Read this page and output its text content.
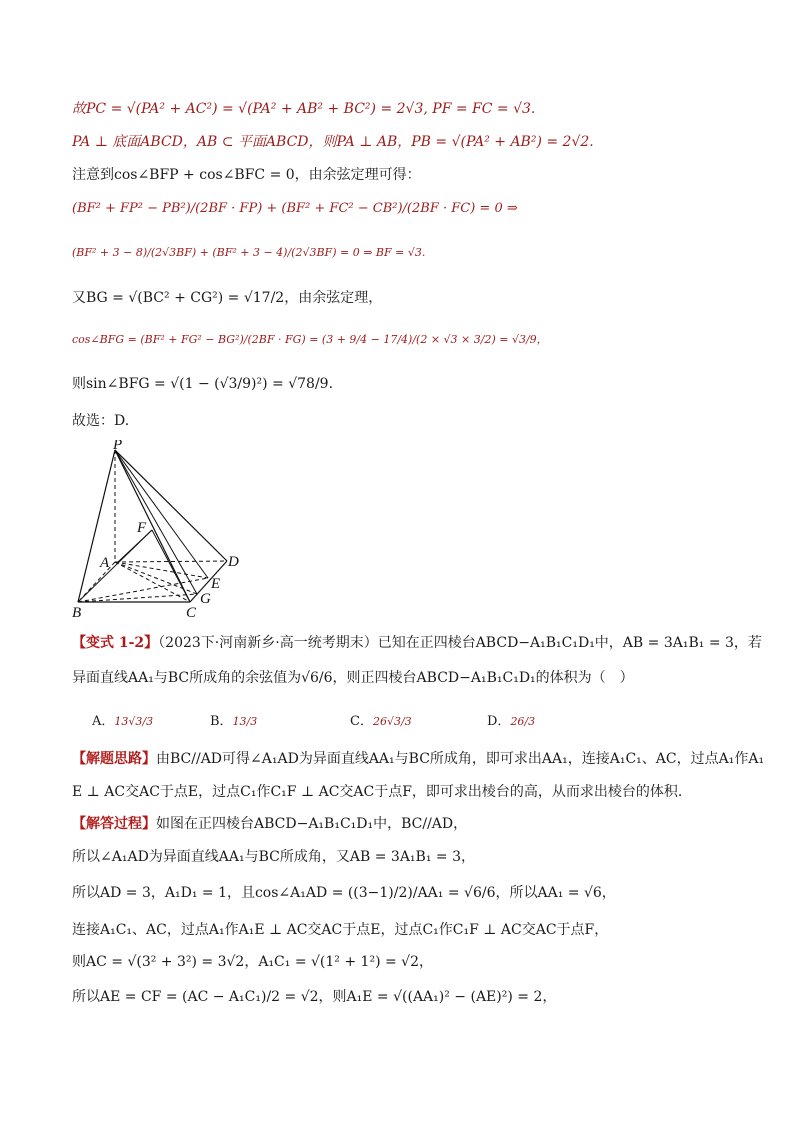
故PC = √(PA² + AC²) = √(PA² + AB² + BC²) = 2√3, PF = FC = √3.
PA ⊥ 底面ABCD，AB ⊂ 平面ABCD，则PA ⊥ AB，PB = √(PA² + AB²) = 2√2.
注意到cos∠BFP + cos∠BFC = 0，由余弦定理可得：
(BF² + FP² − PB²)/(2BF · FP) + (BF² + FC² − CB²)/(2BF · FC) = 0 ⇒
(BF² + 3 − 8)/(2√3BF) + (BF² + 3 − 4)/(2√3BF) = 0 ⇒ BF = √3.
又BG = √(BC² + CG²) = √17/2，由余弦定理，
cos∠BFG = (BF² + FG² − BG²)/(2BF · FG) = (3 + 9/4 − 17/4)/(2 × √3 × 3/2) = √3/9，
则sin∠BFG = √(1 − (√3/9)²) = √78/9.
故选：D.
P
F
A	D
E
G
B	C
【变式 1-2】（2023下·河南新乡·高一统考期末）已知在正四棱台ABCD−A₁B₁C₁D₁中，AB = 3A₁B₁ = 3，若
异面直线AA₁与BC所成角的余弦值为√6/6，则正四棱台ABCD−A₁B₁C₁D₁的体积为（　）
A．13√3/3	B．13/3	C．26√3/3	D．26/3
【解题思路】由BC//AD可得∠A₁AD为异面直线AA₁与BC所成角，即可求出AA₁，连接A₁C₁、AC，过点A₁作A₁
E ⊥ AC交AC于点E，过点C₁作C₁F ⊥ AC交AC于点F，即可求出棱台的高，从而求出棱台的体积.
【解答过程】如图在正四棱台ABCD−A₁B₁C₁D₁中，BC//AD，
所以∠A₁AD为异面直线AA₁与BC所成角，又AB = 3A₁B₁ = 3，
所以AD = 3，A₁D₁ = 1，且cos∠A₁AD = ((3−1)/2)/AA₁ = √6/6，所以AA₁ = √6，
连接A₁C₁、AC，过点A₁作A₁E ⊥ AC交AC于点E，过点C₁作C₁F ⊥ AC交AC于点F，
则AC = √(3² + 3²) = 3√2，A₁C₁ = √(1² + 1²) = √2，
所以AE = CF = (AC − A₁C₁)/2 = √2，则A₁E = √((AA₁)² − (AE)²) = 2，
